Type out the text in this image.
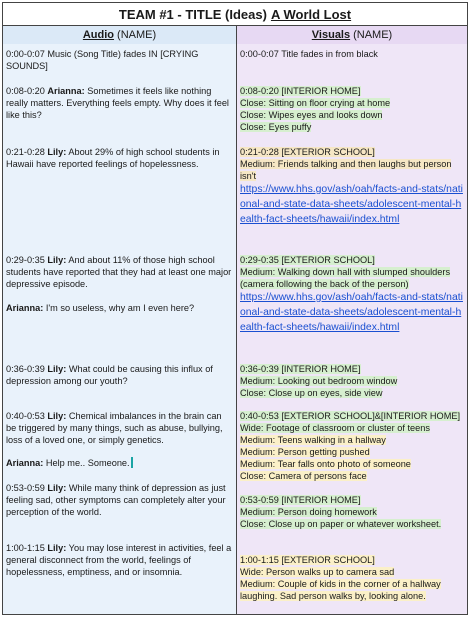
TEAM #1 - TITLE (Ideas) A World Lost
Audio (NAME)	Visuals (NAME)
0:00-0:07 Music (Song Title) fades IN [CRYING SOUNDS]
0:08-0:20 Arianna: Sometimes it feels like nothing really matters. Everything feels empty. Why does it feel like this?
0:21-0:28 Lily: About 29% of high school students in Hawaii have reported feelings of hopelessness.
0:29-0:35 Lily: And about 11% of those high school students have reported that they had at least one major depressive episode.
Arianna: I'm so useless, why am I even here?
0:36-0:39 Lily: What could be causing this influx of depression among our youth?
0:40-0:53 Lily: Chemical imbalances in the brain can be triggered by many things, such as abuse, bullying, loss of a loved one, or simply genetics.
Arianna: Help me.. Someone.
0:53-0:59 Lily: While many think of depression as just feeling sad, other symptoms can completely alter your perception of the world.
1:00-1:15 Lily: You may lose interest in activities, feel a general disconnect from the world, feelings of hopelessness, emptiness, and or insomnia.
0:00-0:07 Title fades in from black
0:08-0:20 [INTERIOR HOME]
Close: Sitting on floor crying at home
Close: Wipes eyes and looks down
Close: Eyes puffy
0:21-0:28 [EXTERIOR SCHOOL]
Medium: Friends talking and then laughs but person isn't
https://www.hhs.gov/ash/oah/facts-and-stats/national-and-state-data-sheets/adolescent-mental-health-fact-sheets/hawaii/index.html
0:29-0:35 [EXTERIOR SCHOOL]
Medium: Walking down hall with slumped shoulders (camera following the back of the person)
https://www.hhs.gov/ash/oah/facts-and-stats/national-and-state-data-sheets/adolescent-mental-health-fact-sheets/hawaii/index.html
0:36-0:39 [INTERIOR HOME]
Medium: Looking out bedroom window
Close: Close up on eyes, side view
0:40-0:53 [EXTERIOR SCHOOL]&[INTERIOR HOME]
Wide: Footage of classroom or cluster of teens
Medium: Teens walking in a hallway
Medium: Person getting pushed
Medium: Tear falls onto photo of someone
Close: Camera of persons face
0:53-0:59 [INTERIOR HOME]
Medium: Person doing homework
Close: Close up on paper or whatever worksheet.
1:00-1:15 [EXTERIOR SCHOOL]
Wide: Person walks up to camera sad
Medium: Couple of kids in the corner of a hallway laughing. Sad person walks by, looking alone.
